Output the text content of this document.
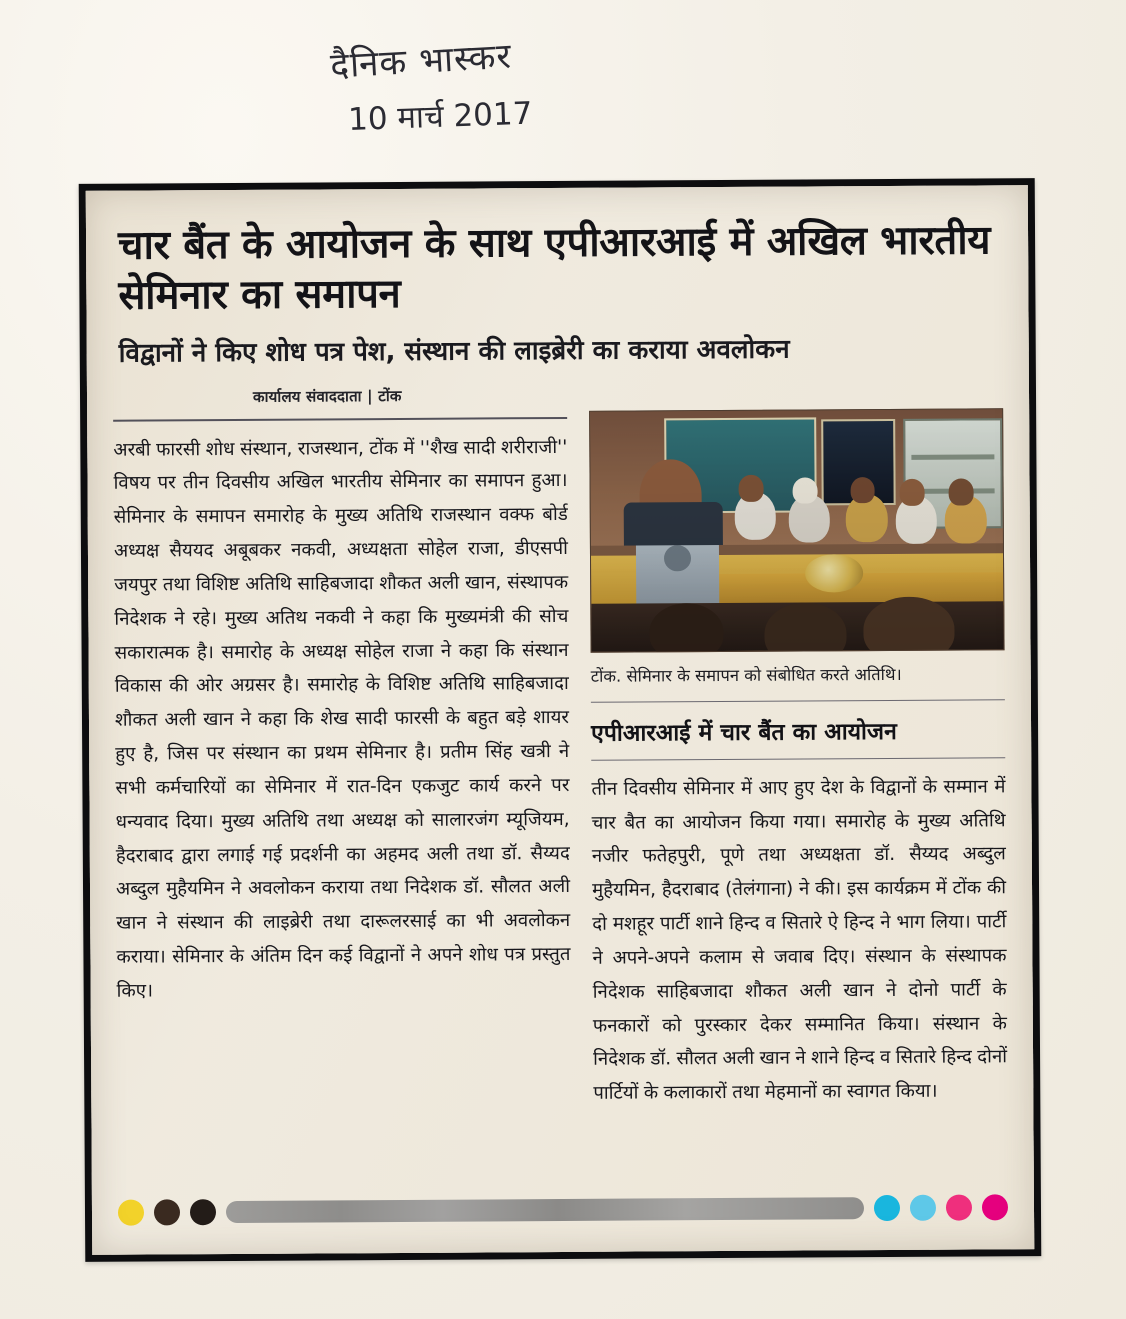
दैनिक भास्कर
10 मार्च 2017
चार बैंत के आयोजन के साथ एपीआरआई में अखिल भारतीय सेमिनार का समापन
विद्वानों ने किए शोध पत्र पेश, संस्थान की लाइब्रेरी का कराया अवलोकन
कार्यालय संवाददाता | टोंक
अरबी फारसी शोध संस्थान, राजस्थान, टोंक में ''शैख सादी शरीराजी'' विषय पर तीन दिवसीय अखिल भारतीय सेमिनार का समापन हुआ। सेमिनार के समापन समारोह के मुख्य अतिथि राजस्थान वक्फ बोर्ड अध्यक्ष सैययद अबूबकर नकवी, अध्यक्षता सोहेल राजा, डीएसपी जयपुर तथा विशिष्ट अतिथि साहिबजादा शौकत अली खान, संस्थापक निदेशक ने रहे। मुख्य अतिथ नकवी ने कहा कि मुख्यमंत्री की सोच सकारात्मक है। समारोह के अध्यक्ष सोहेल राजा ने कहा कि संस्थान विकास की ओर अग्रसर है। समारोह के विशिष्ट अतिथि साहिबजादा शौकत अली खान ने कहा कि शेख सादी फारसी के बहुत बड़े शायर हुए है, जिस पर संस्थान का प्रथम सेमिनार है। प्रतीम सिंह खत्री ने सभी कर्मचारियों का सेमिनार में रात-दिन एकजुट कार्य करने पर धन्यवाद दिया। मुख्य अतिथि तथा अध्यक्ष को सालारजंग म्यूजियम, हैदराबाद द्वारा लगाई गई प्रदर्शनी का अहमद अली तथा डॉ. सैय्यद अब्दुल मुहैयमिन ने अवलोकन कराया तथा निदेशक डॉ. सौलत अली खान ने संस्थान की लाइब्रेरी तथा दारूलरसाई का भी अवलोकन कराया। सेमिनार के अंतिम दिन कई विद्वानों ने अपने शोध पत्र प्रस्तुत किए।
टोंक. सेमिनार के समापन को संबोधित करते अतिथि।
एपीआरआई में चार बैंत का आयोजन
तीन दिवसीय सेमिनार में आए हुए देश के विद्वानों के सम्मान में चार बैत का आयोजन किया गया। समारोह के मुख्य अतिथि नजीर फतेहपुरी, पूणे तथा अध्यक्षता डॉ. सैय्यद अब्दुल मुहैयमिन, हैदराबाद (तेलंगाना) ने की। इस कार्यक्रम में टोंक की दो मशहूर पार्टी शाने हिन्द व सितारे ऐ हिन्द ने भाग लिया। पार्टी ने अपने-अपने कलाम से जवाब दिए। संस्थान के संस्थापक निदेशक साहिबजादा शौकत अली खान ने दोनो पार्टी के फनकारों को पुरस्कार देकर सम्मानित किया। संस्थान के निदेशक डॉ. सौलत अली खान ने शाने हिन्द व सितारे हिन्द दोनों पार्टियों के कलाकारों तथा मेहमानों का स्वागत किया।
